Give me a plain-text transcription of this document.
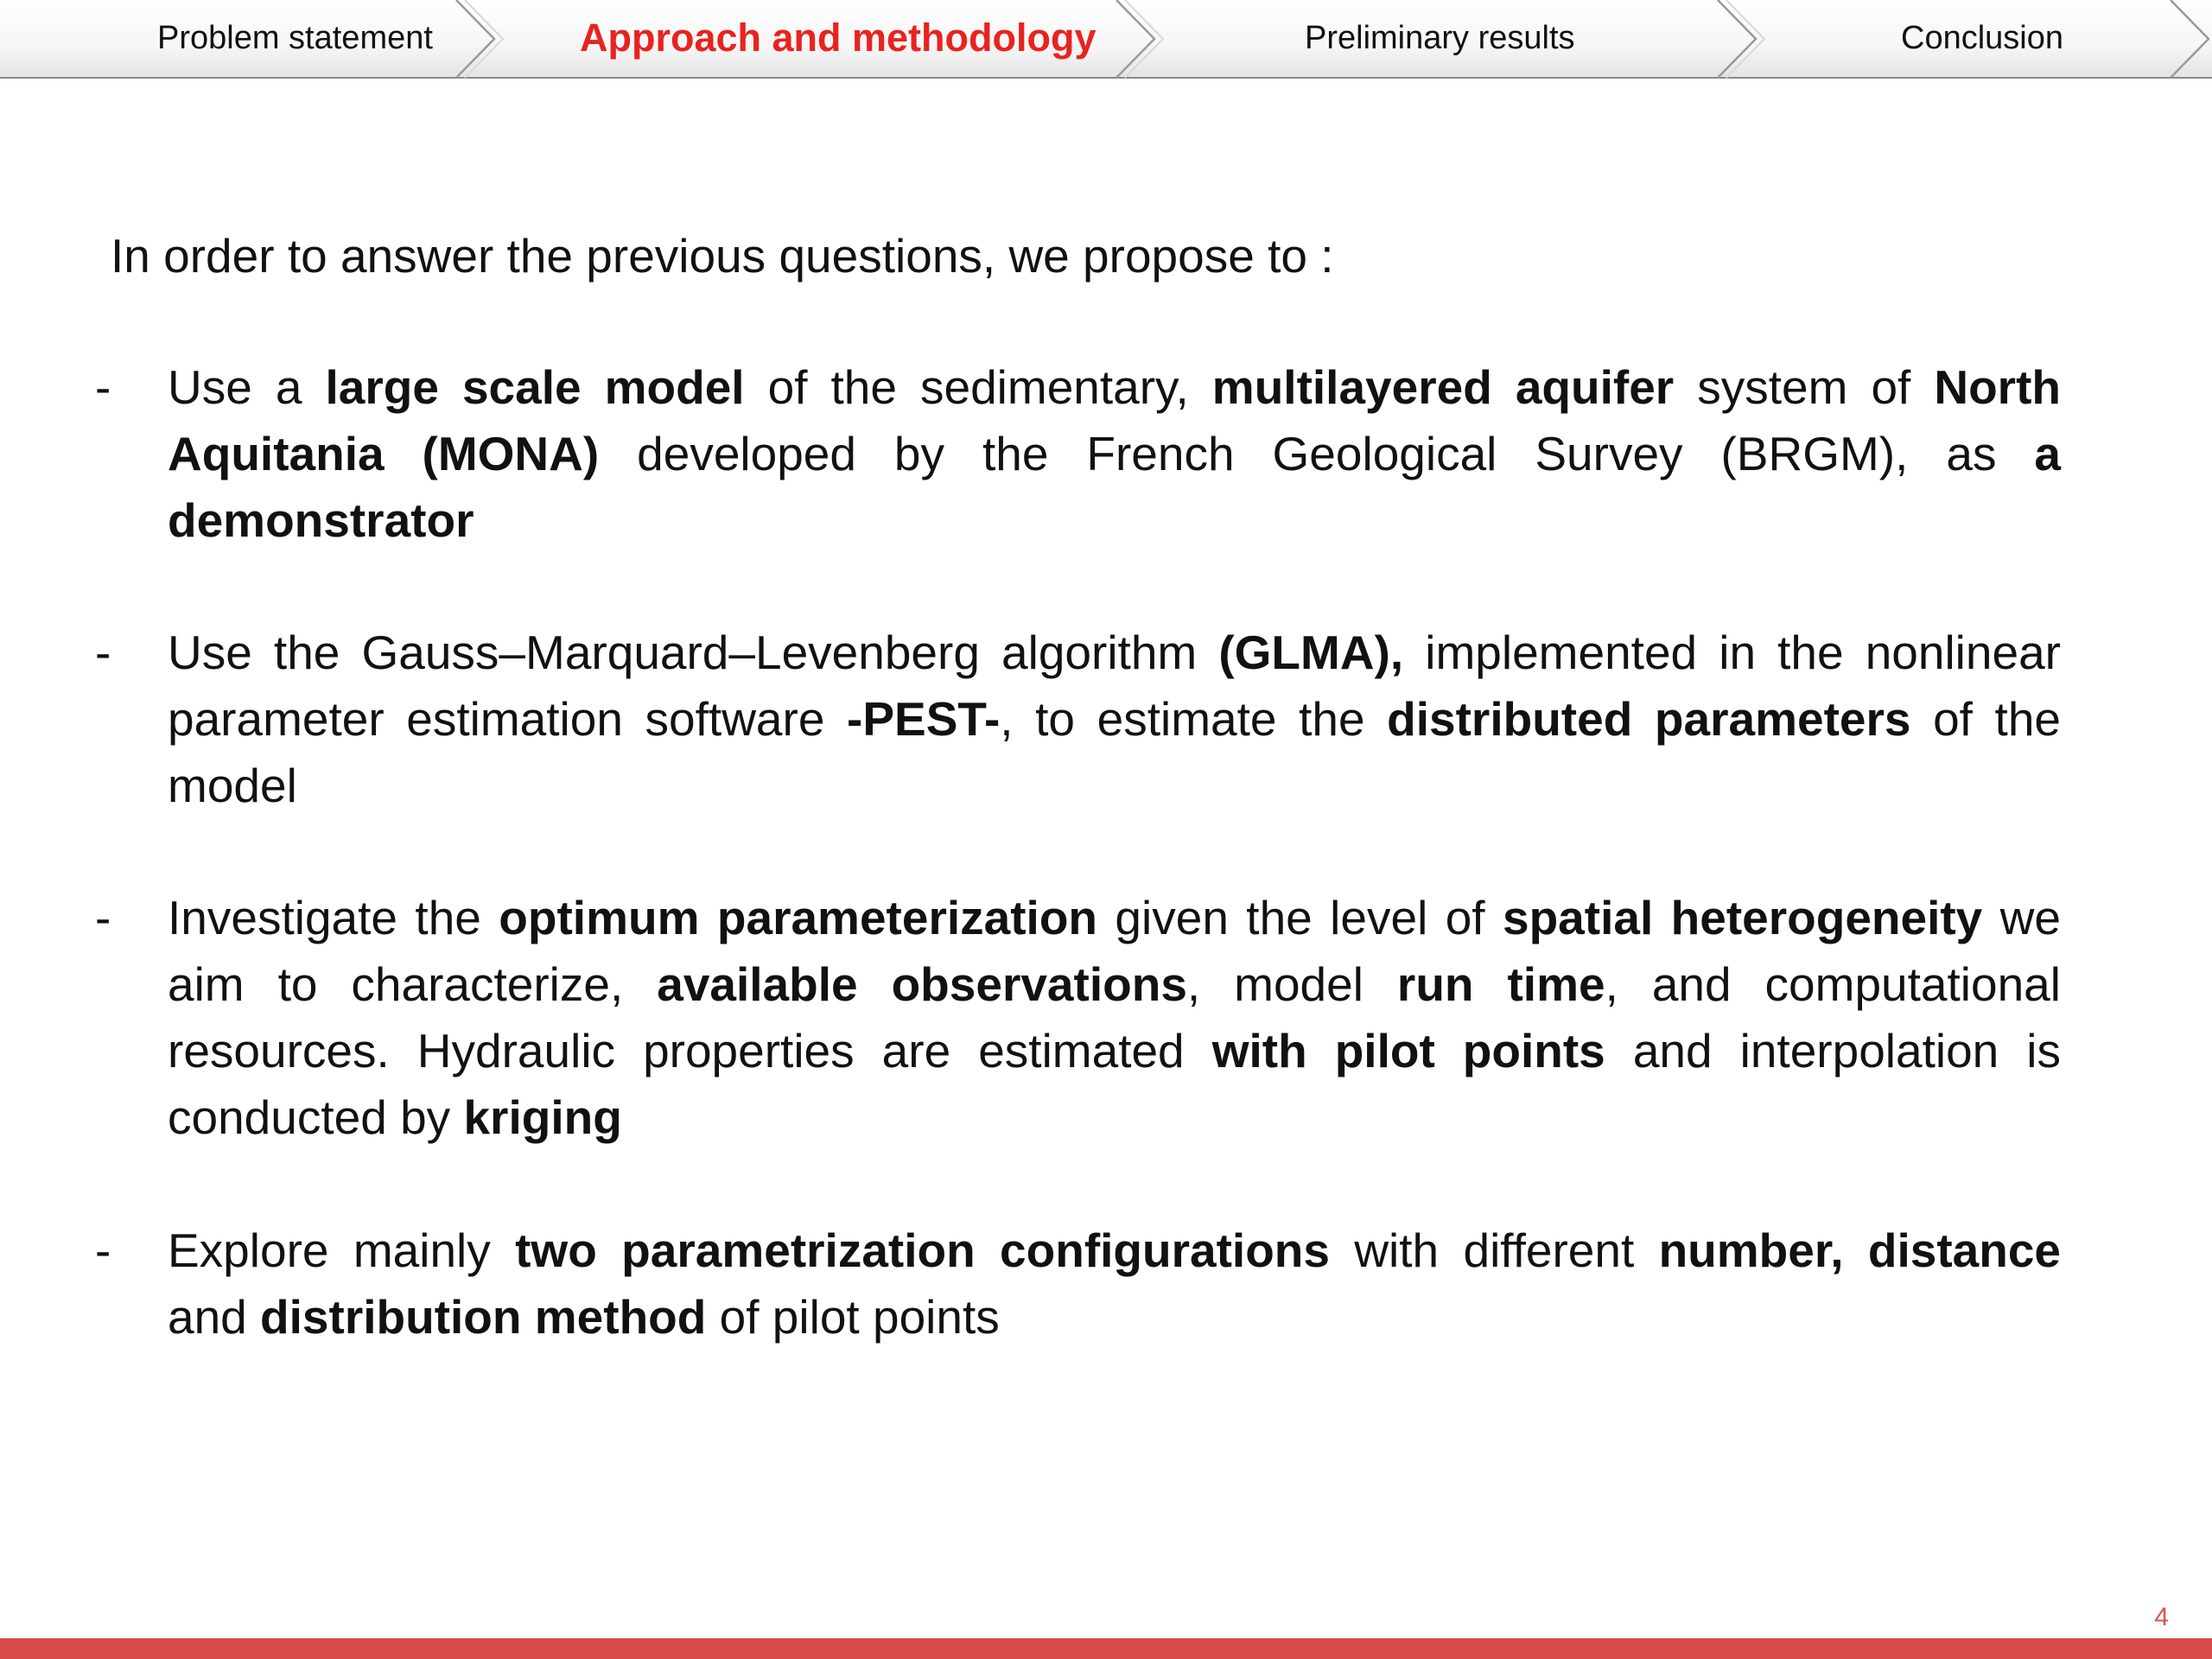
Problem statement	Approach and methodology	Preliminary results	Conclusion
In order to answer the previous questions, we propose to :
- Use a large scale model of the sedimentary, multilayered aquifer system of North Aquitania (MONA) developed by the French Geological Survey (BRGM), as a demonstrator
- Use the Gauss–Marquard–Levenberg algorithm (GLMA), implemented in the nonlinear parameter estimation software -PEST-, to estimate the distributed parameters of the model
- Investigate the optimum parameterization given the level of spatial heterogeneity we aim to characterize, available observations, model run time, and computational resources. Hydraulic properties are estimated with pilot points and interpolation is conducted by kriging
- Explore mainly two parametrization configurations with different number, distance and distribution method of pilot points
4
